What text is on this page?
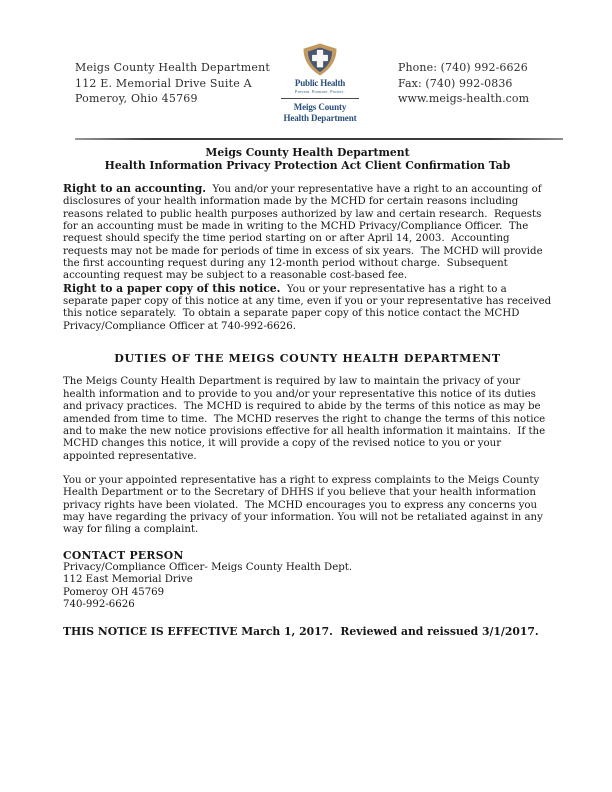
Meigs County Health Department
112 E. Memorial Drive Suite A
Pomeroy, Ohio 45769
Public Health
Prevent. Promote. Protect.
Meigs County
Health Department
Phone: (740) 992-6626
Fax: (740) 992-0836
www.meigs-health.com
Meigs County Health Department
Health Information Privacy Protection Act Client Confirmation Tab

Right to an accounting.  You and/or your representative have a right to an accounting of disclosures of your health information made by the MCHD for certain reasons including reasons related to public health purposes authorized by law and certain research.  Requests for an accounting must be made in writing to the MCHD Privacy/Compliance Officer.  The request should specify the time period starting on or after April 14, 2003.  Accounting requests may not be made for periods of time in excess of six years.  The MCHD will provide the first accounting request during any 12-month period without charge.  Subsequent accounting request may be subject to a reasonable cost-based fee.

Right to a paper copy of this notice.  You or your representative has a right to a separate paper copy of this notice at any time, even if you or your representative has received this notice separately.  To obtain a separate paper copy of this notice contact the MCHD Privacy/Compliance Officer at 740-992-6626.

DUTIES OF THE MEIGS COUNTY HEALTH DEPARTMENT

The Meigs County Health Department is required by law to maintain the privacy of your health information and to provide to you and/or your representative this notice of its duties and privacy practices.  The MCHD is required to abide by the terms of this notice as may be amended from time to time.  The MCHD reserves the right to change the terms of this notice and to make the new notice provisions effective for all health information it maintains.  If the MCHD changes this notice, it will provide a copy of the revised notice to you or your appointed representative.

You or your appointed representative has a right to express complaints to the Meigs County Health Department or to the Secretary of DHHS if you believe that your health information privacy rights have been violated.  The MCHD encourages you to express any concerns you may have regarding the privacy of your information. You will not be retaliated against in any way for filing a complaint.

CONTACT PERSON
Privacy/Compliance Officer- Meigs County Health Dept.
112 East Memorial Drive
Pomeroy OH 45769
740-992-6626

THIS NOTICE IS EFFECTIVE March 1, 2017.  Reviewed and reissued 3/1/2017.
